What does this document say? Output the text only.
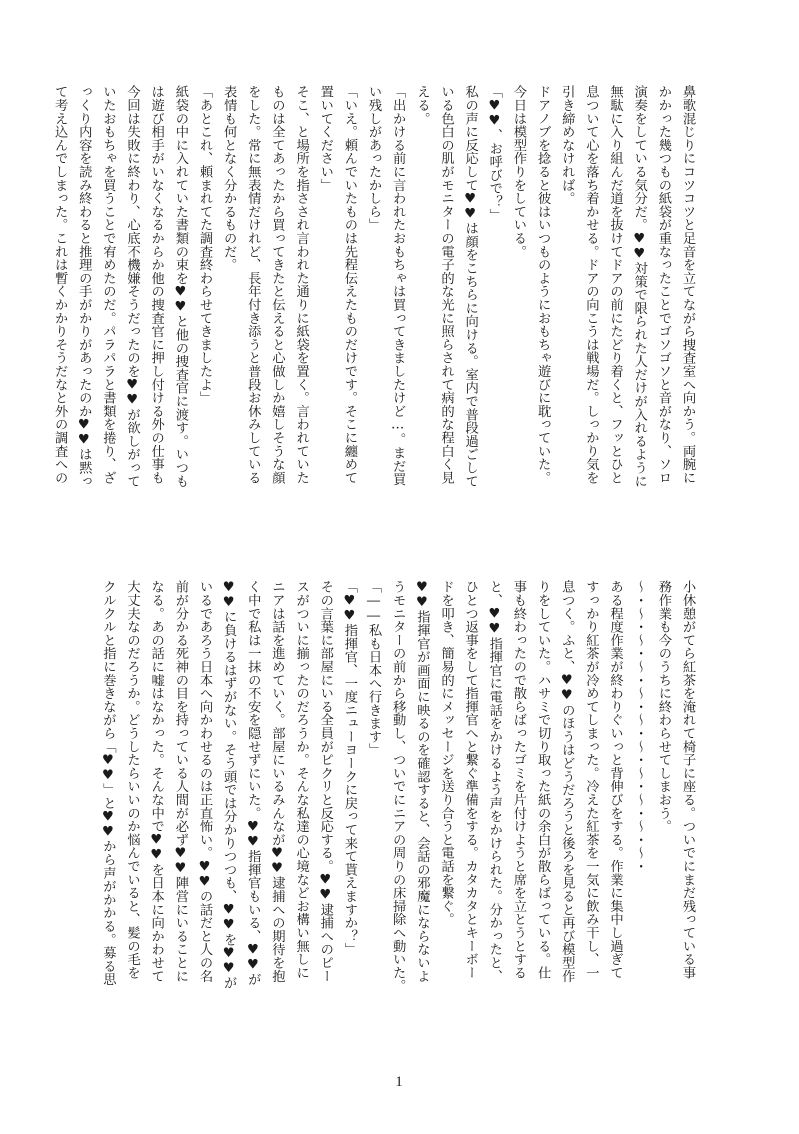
鼻歌混じりにコツコツと足音を立てながら捜査室へ向かう。両腕に
かかった幾つもの紙袋が重なったことでゴソゴソと音がなり、ソロ
演奏をしている気分だ。♥♥対策で限られた人だけが入れるように
無駄に入り組んだ道を抜けてドアの前にたどり着くと、フッとひと
息ついて心を落ち着かせる。ドアの向こうは戦場だ。しっかり気を
引き締めなければ。
ドアノブを捻ると彼はいつものようにおもちゃ遊びに耽っていた。
今日は模型作りをしている。
「♥♥、お呼びで？」
私の声に反応して♥♥は顔をこちらに向ける。室内で普段過ごして
いる色白の肌がモニターの電子的な光に照らされて病的な程白く見
える。
「出かける前に言われたおもちゃは買ってきましたけど…。まだ買
い残しがあったかしら」
「いえ。頼んでいたものは先程伝えたものだけです。そこに纏めて
置いてください」
そこ、と場所を指さされ言われた通りに紙袋を置く。言われていた
ものは全てあったから買ってきたと伝えると心做しか嬉しそうな顔
をした。常に無表情だけれど、長年付き添うと普段お休みしている
表情も何となく分かるものだ。
「あとこれ、頼まれてた調査終わらせてきましたよ」
紙袋の中に入れていた書類の束を♥♥と他の捜査官に渡す。いつも
は遊び相手がいなくなるからか他の捜査官に押し付ける外の仕事も
今回は失敗に終わり、心底不機嫌そうだったのを♥♥が欲しがって
いたおもちゃを買うことで宥めたのだ。パラパラと書類を捲り、ざ
っくり内容を読み終わると推理の手がかりがあったのか♥♥は黙っ
て考え込んでしまった。これは暫くかかりそうだなと外の調査への
小休憩がてら紅茶を淹れて椅子に座る。ついでにまだ残っている事
務作業も今のうちに終わらせてしまおう。
～・～・～・～・～・～・～・～・～・～・～・
ある程度作業が終わりぐいっと背伸びをする。作業に集中し過ぎて
すっかり紅茶が冷めてしまった。冷えた紅茶を一気に飲み干し、一
息つく。ふと、♥♥のほうはどうだろうと後ろを見ると再び模型作
りをしていた。ハサミで切り取った紙の余白が散らばっている。仕
事も終わったので散らばったゴミを片付けようと席を立とうとする
と、♥♥指揮官に電話をかけるよう声をかけられた。分かったと、
ひとつ返事をして指揮官へと繋ぐ準備をする。カタカタとキーボー
ドを叩き、簡易的にメッセージを送り合うと電話を繋ぐ。
♥♥指揮官が画面に映るのを確認すると、会話の邪魔にならないよ
うモニターの前から移動し、ついでにニアの周りの床掃除へ動いた。
「――私も日本へ行きます」
「♥♥指揮官、一度ニューヨークに戻って来て貰えますか？」
その言葉に部屋にいる全員がピクリと反応する。♥♥逮捕へのピー
スがついに揃ったのだろうか。そんな私達の心境などお構い無しに
ニアは話を進めていく。部屋にいるみんなが♥♥逮捕への期待を抱
く中で私は一抹の不安を隠せずにいた。♥♥指揮官もいる、♥♥が
♥♥に負けるはずがない。そう頭では分かりつつも、♥♥を♥♥が
いるであろう日本へ向かわせるのは正直怖い。♥♥の話だと人の名
前が分かる死神の目を持っている人間が必ず♥♥陣営にいることに
なる。あの話に嘘はなかった。そんな中で♥♥を日本に向かわせて
大丈夫なのだろうか。どうしたらいいのか悩んでいると、髪の毛を
クルクルと指に巻きながら「♥♥」と♥♥から声がかかる。募る思
1
